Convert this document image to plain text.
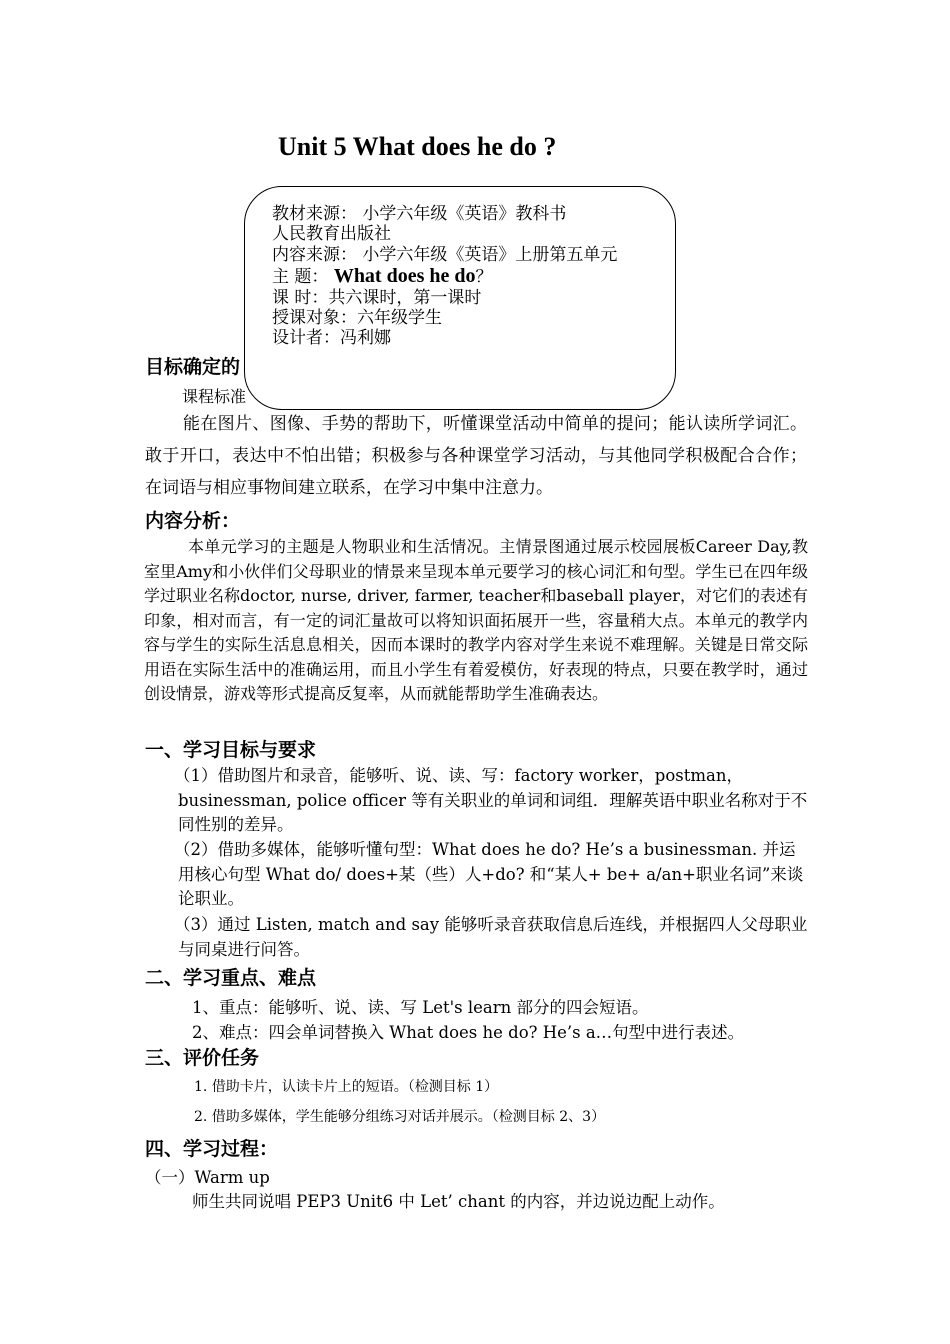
Unit 5 What does he do ?
目标确定的
课程标准
教材来源： 小学六年级《英语》教科书
人民教育出版社
内容来源： 小学六年级《英语》上册第五单元
主 题： What does he do？
课 时：共六课时，第一课时
授课对象：六年级学生
设计者：冯利娜
能在图片、图像、手势的帮助下，听懂课堂活动中简单的提问；能认读所学词汇。敢于开口，表达中不怕出错；积极参与各种课堂学习活动，与其他同学积极配合合作；在词语与相应事物间建立联系，在学习中集中注意力。
内容分析：
本单元学习的主题是人物职业和生活情况。主情景图通过展示校园展板Career Day,教室里Amy和小伙伴们父母职业的情景来呈现本单元要学习的核心词汇和句型。学生已在四年级学过职业名称doctor, nurse, driver, farmer, teacher和baseball player，对它们的表述有印象，相对而言，有一定的词汇量故可以将知识面拓展开一些，容量稍大点。本单元的教学内容与学生的实际生活息息相关，因而本课时的教学内容对学生来说不难理解。关键是日常交际用语在实际生活中的准确运用，而且小学生有着爱模仿，好表现的特点，只要在教学时，通过创设情景，游戏等形式提高反复率，从而就能帮助学生准确表达。
一、学习目标与要求
（1）借助图片和录音，能够听、说、读、写：factory worker，postman，businessman, police officer 等有关职业的单词和词组．理解英语中职业名称对于不同性别的差异。
（2）借助多媒体，能够听懂句型：What does he do? He’s a businessman. 并运用核心句型 What do/ does+某（些）人+do? 和“某人+ be+ a/an+职业名词”来谈论职业。
（3）通过 Listen, match and say 能够听录音获取信息后连线，并根据四人父母职业与同桌进行问答。
二、学习重点、难点
1、重点：能够听、说、读、写 Let's learn 部分的四会短语。
2、难点：四会单词替换入 What does he do? He’s a…句型中进行表述。
三、评价任务
1. 借助卡片，认读卡片上的短语。（检测目标 1）
2. 借助多媒体，学生能够分组练习对话并展示。（检测目标 2、3）
四、学习过程：
（一）Warm up
师生共同说唱 PEP3 Unit6 中 Let’ chant 的内容，并边说边配上动作。
